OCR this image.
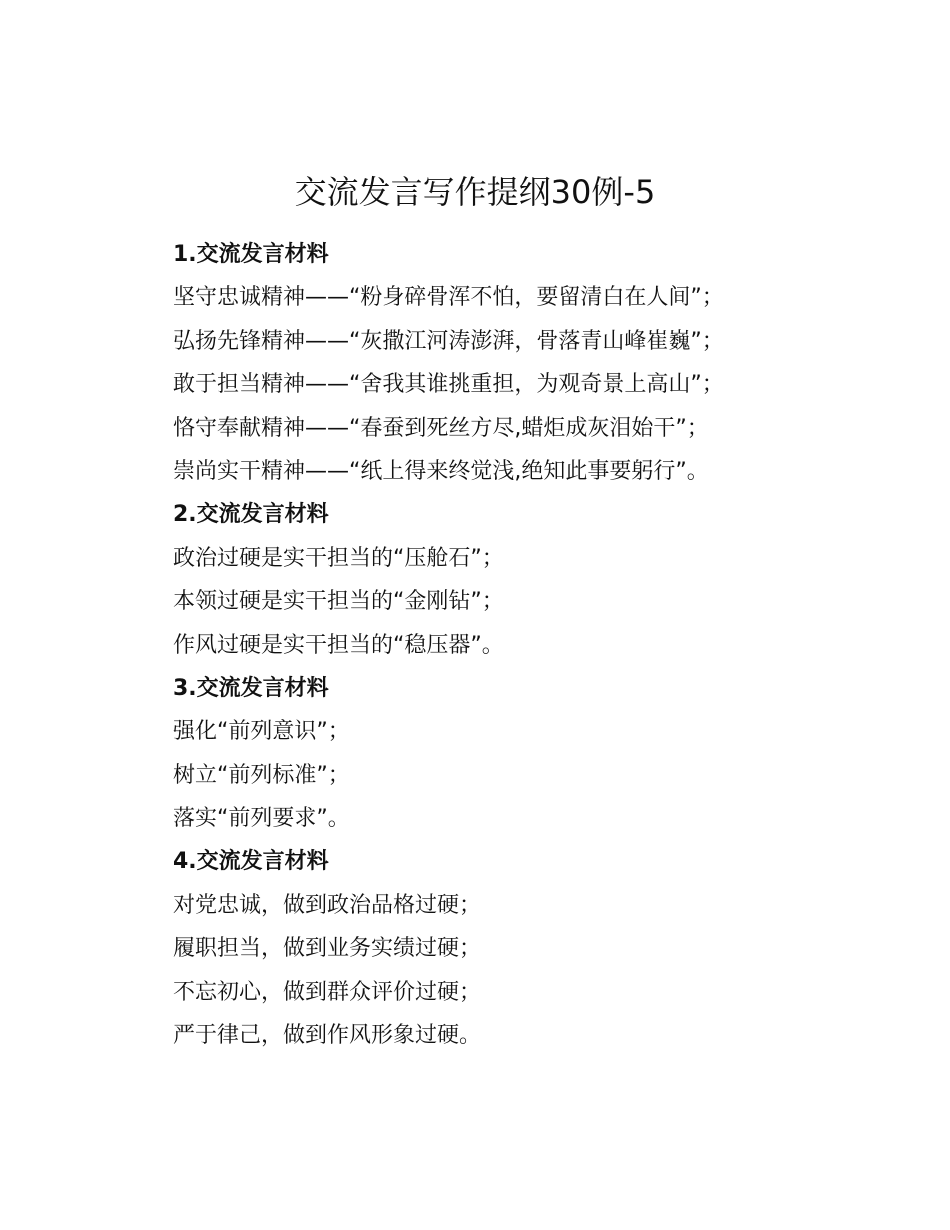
交流发言写作提纲30例-5

1.交流发言材料

坚守忠诚精神——“粉身碎骨浑不怕，要留清白在人间”；

弘扬先锋精神——“灰撒江河涛澎湃，骨落青山峰崔巍”；

敢于担当精神——“舍我其谁挑重担，为观奇景上高山”；

恪守奉献精神——“春蚕到死丝方尽,蜡炬成灰泪始干”；

崇尚实干精神——“纸上得来终觉浅,绝知此事要躬行”。

2.交流发言材料

政治过硬是实干担当的“压舱石”；

本领过硬是实干担当的“金刚钻”；

作风过硬是实干担当的“稳压器”。

3.交流发言材料

强化“前列意识”；

树立“前列标准”；

落实“前列要求”。

4.交流发言材料

对党忠诚，做到政治品格过硬；

履职担当，做到业务实绩过硬；

不忘初心，做到群众评价过硬；

严于律己，做到作风形象过硬。
